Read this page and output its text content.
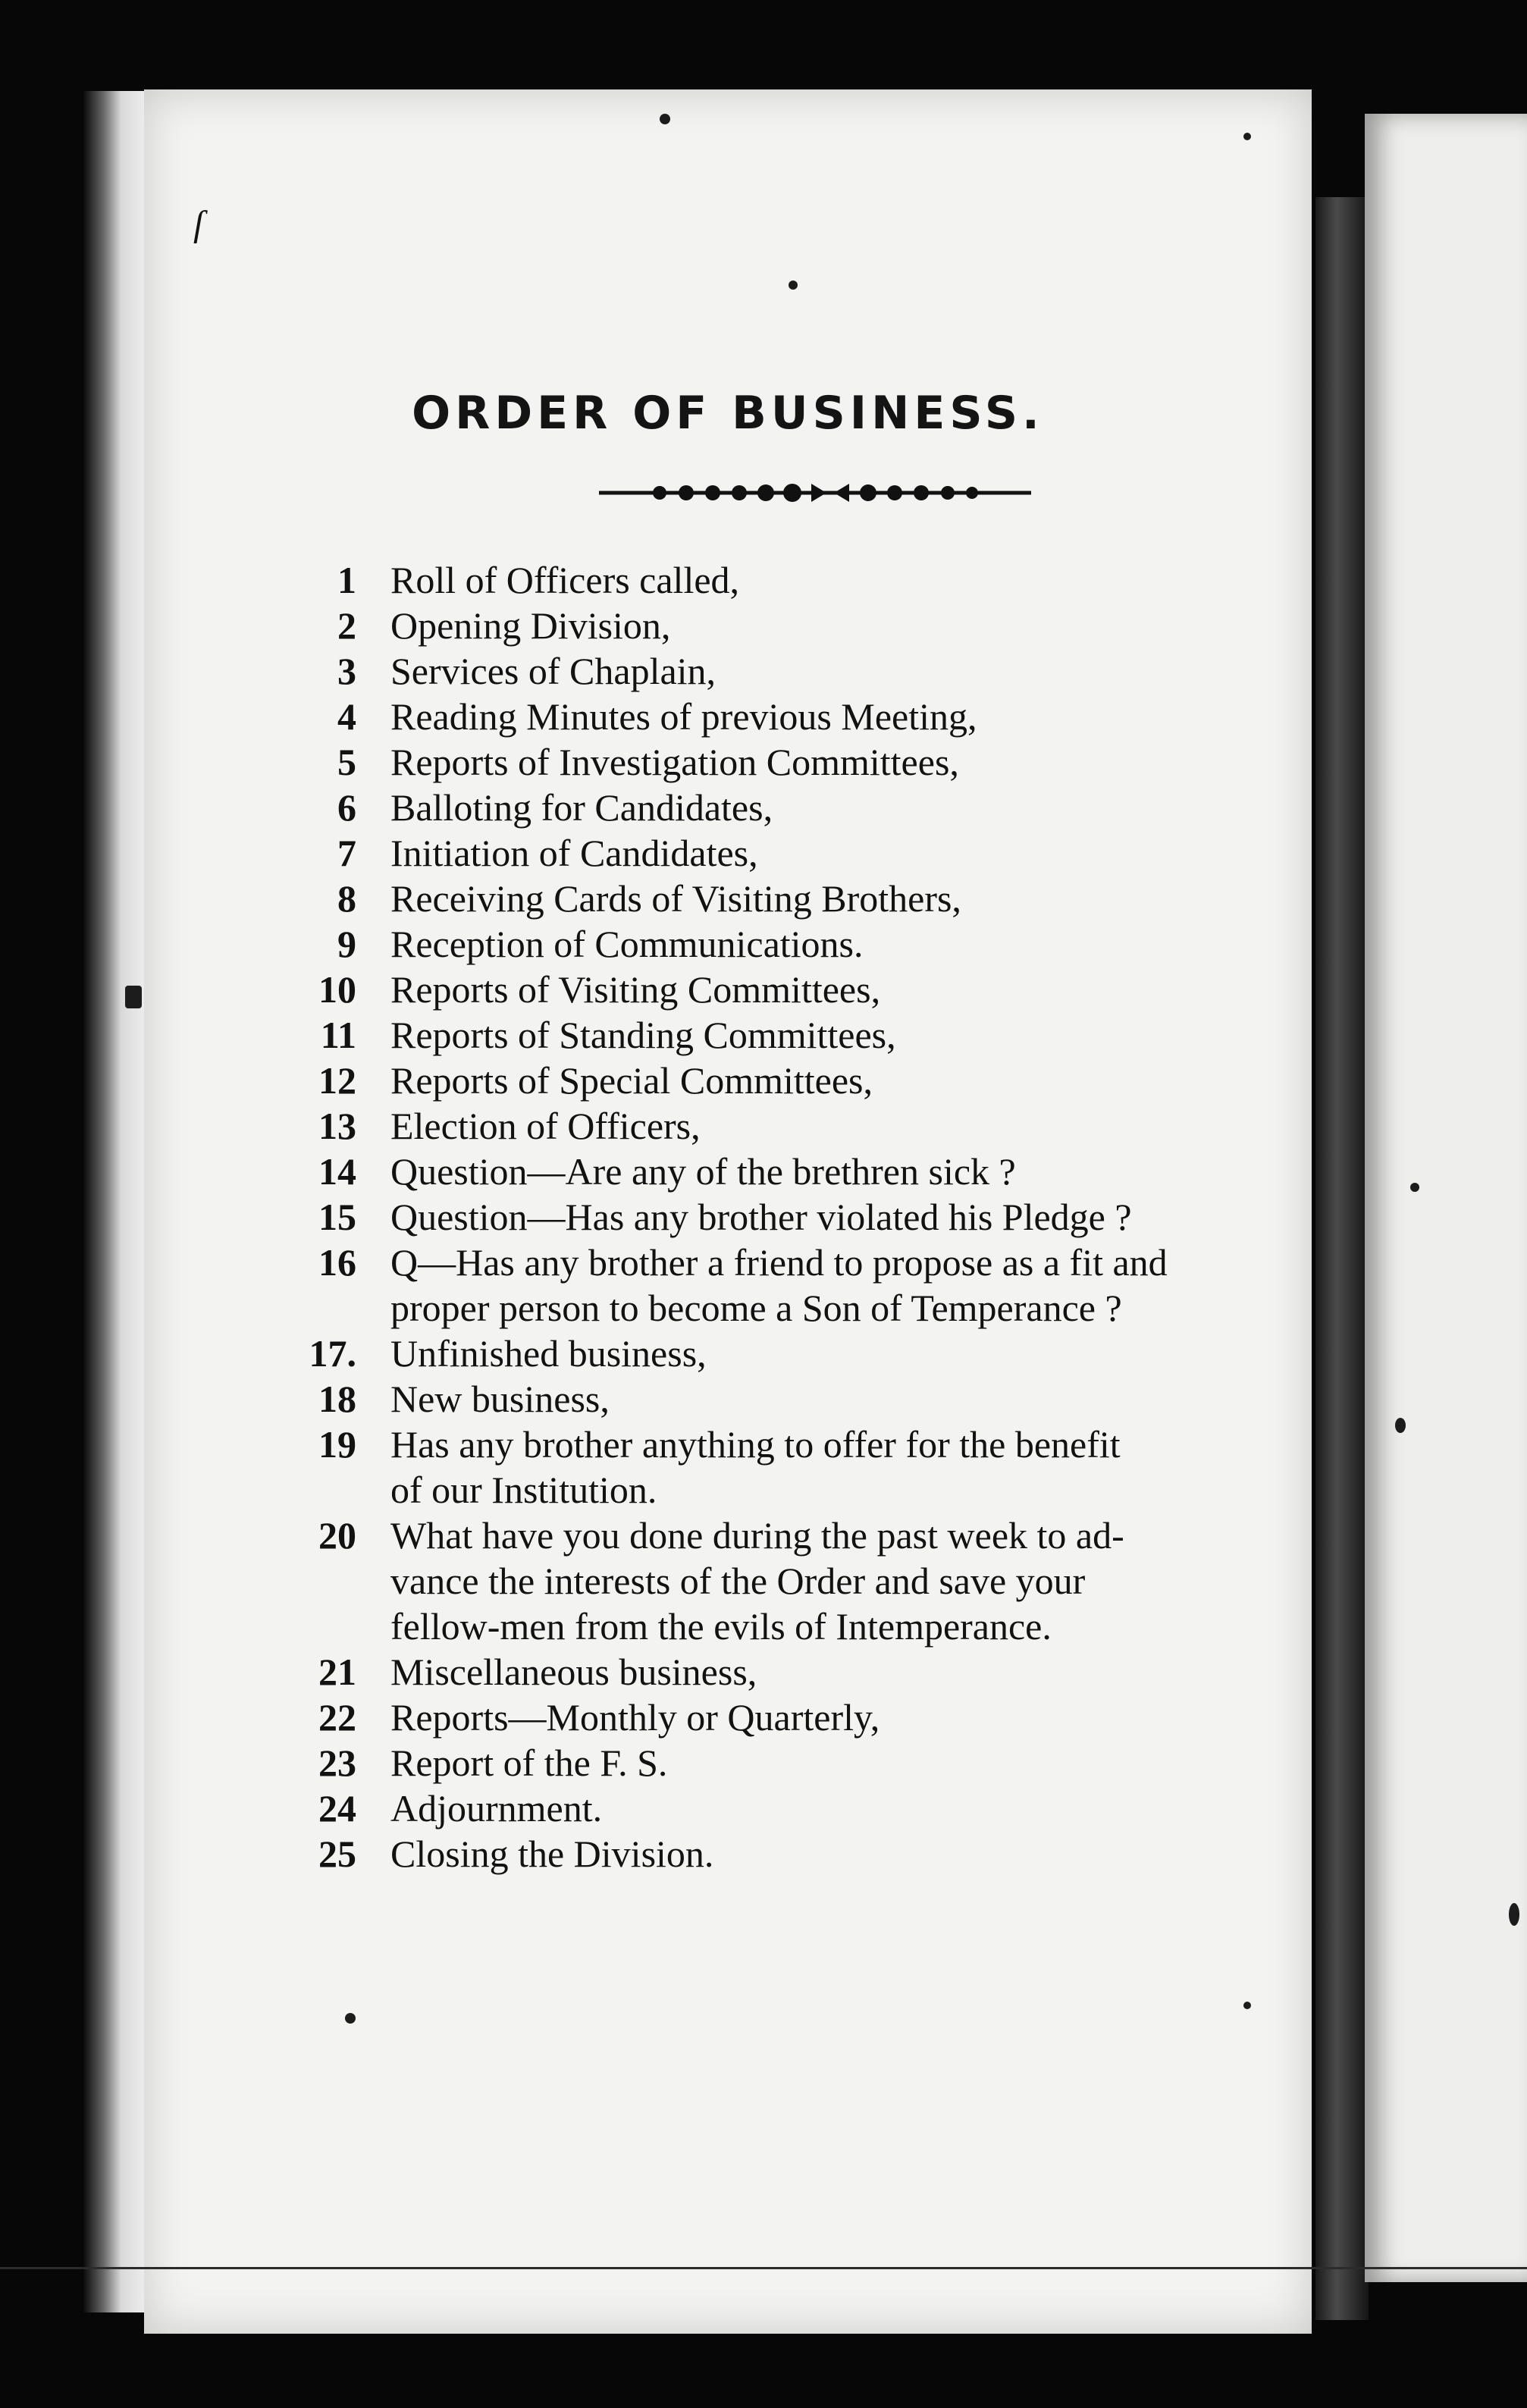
ſ
ORDER OF BUSINESS.
1 Roll of Officers called,
2 Opening Division,
3 Services of Chaplain,
4 Reading Minutes of previous Meeting,
5 Reports of Investigation Committees,
6 Balloting for Candidates,
7 Initiation of Candidates,
8 Receiving Cards of Visiting Brothers,
9 Reception of Communications.
10 Reports of Visiting Committees,
11 Reports of Standing Committees,
12 Reports of Special Committees,
13 Election of Officers,
14 Question—Are any of the brethren sick ?
15 Question—Has any brother violated his Pledge ?
16 Q—Has any brother a friend to propose as a fit and
proper person to become a Son of Temperance ?
17. Unfinished business,
18 New business,
19 Has any brother anything to offer for the benefit
of our Institution.
20 What have you done during the past week to ad-
vance the interests of the Order and save your
fellow-men from the evils of Intemperance.
21 Miscellaneous business,
22 Reports—Monthly or Quarterly,
23 Report of the F. S.
24 Adjournment.
25 Closing the Division.
